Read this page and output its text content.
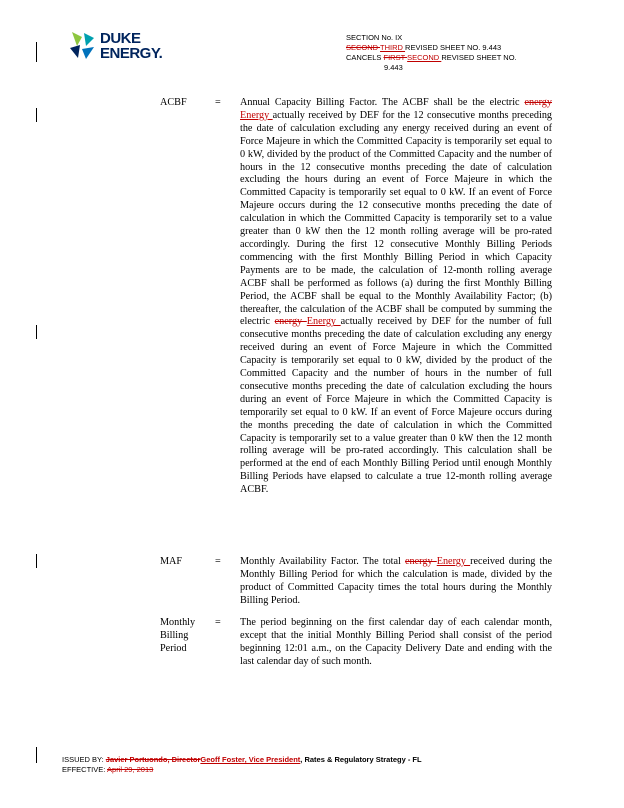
DUKE
ENERGY.
SECTION No. IX
SECOND THIRD REVISED SHEET NO. 9.443
CANCELS FIRST SECOND REVISED SHEET NO.
9.443
ACBF	= Annual Capacity Billing Factor. The ACBF shall be the electric energy Energy actually received by DEF for the 12 consecutive months preceding the date of calculation excluding any energy received during an event of Force Majeure in which the Committed Capacity is temporarily set equal to 0 kW, divided by the product of the Committed Capacity and the number of hours in the 12 consecutive months preceding the date of calculation excluding the hours during an event of Force Majeure in which the Committed Capacity is temporarily set equal to 0 kW. If an event of Force Majeure occurs during the 12 consecutive months preceding the date of calculation in which the Committed Capacity is temporarily set to a value greater than 0 kW then the 12 month rolling average will be pro-rated accordingly. During the first 12 consecutive Monthly Billing Periods commencing with the first Monthly Billing Period in which Capacity Payments are to be made, the calculation of 12-month rolling average ACBF shall be performed as follows (a) during the first Monthly Billing Period, the ACBF shall be equal to the Monthly Availability Factor; (b) thereafter, the calculation of the ACBF shall be computed by summing the electric energy Energy actually received by DEF for the number of full consecutive months preceding the date of calculation excluding any energy received during an event of Force Majeure in which the Committed Capacity is temporarily set equal to 0 kW, divided by the product of the Committed Capacity and the number of hours in the number of full consecutive months preceding the date of calculation excluding the hours during an event of Force Majeure in which the Committed Capacity is temporarily set equal to 0 kW. If an event of Force Majeure occurs during the months preceding the date of calculation in which the Committed Capacity is temporarily set to a value greater than 0 kW then the 12 month rolling average will be pro-rated accordingly. This calculation shall be performed at the end of each Monthly Billing Period until enough Monthly Billing Periods have elapsed to calculate a true 12-month rolling average ACBF.
MAF	= Monthly Availability Factor. The total energy Energy received during the Monthly Billing Period for which the calculation is made, divided by the product of Committed Capacity times the total hours during the Monthly Billing Period.
Monthly Billing Period
= The period beginning on the first calendar day of each calendar month, except that the initial Monthly Billing Period shall consist of the period beginning 12:01 a.m., on the Capacity Delivery Date and ending with the last calendar day of such month.
ISSUED BY: Javier Portuondo, DirectorGeoff Foster, Vice President, Rates & Regulatory Strategy - FL
EFFECTIVE: April 29, 2013
